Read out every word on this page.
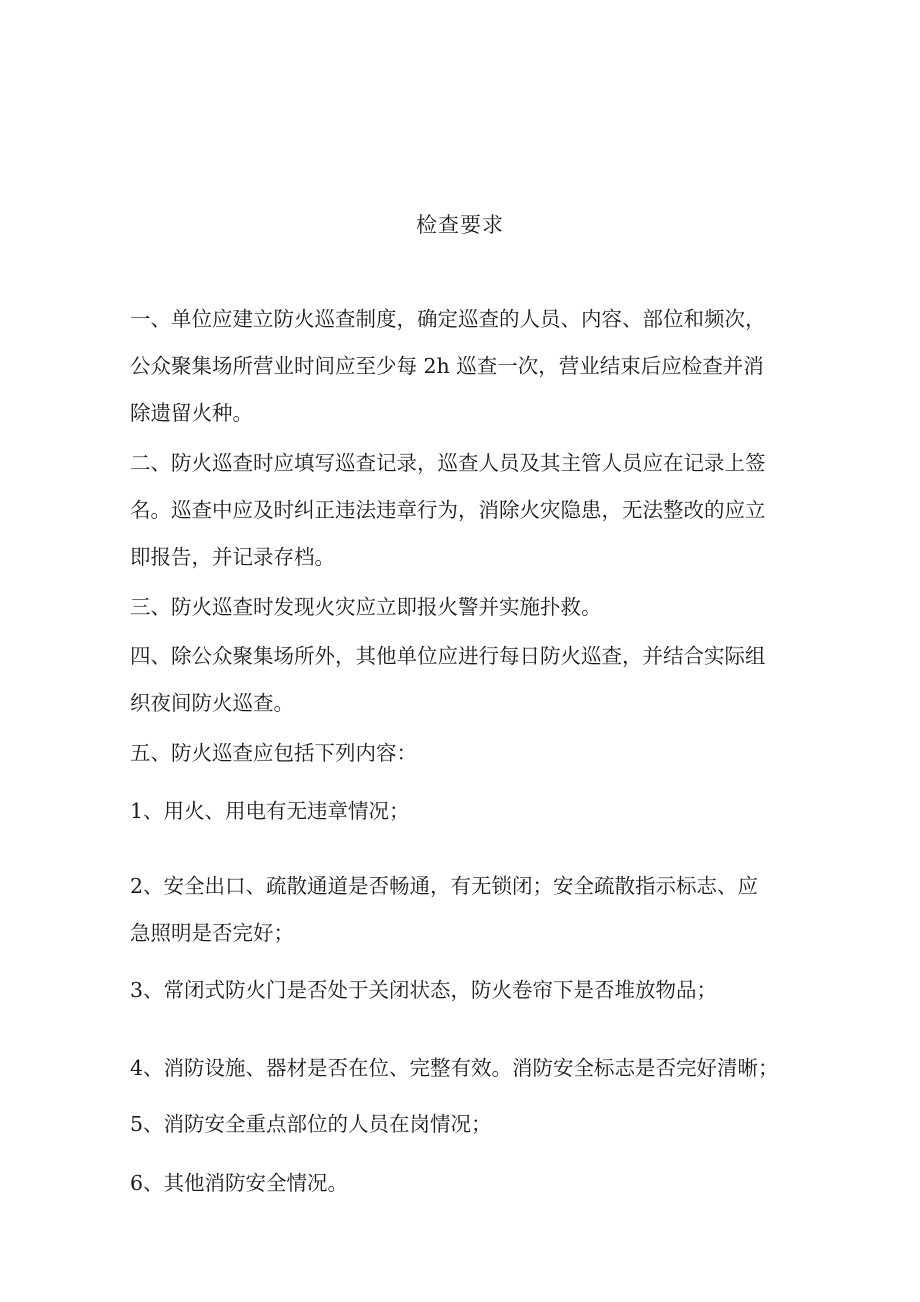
检查要求
一、单位应建立防火巡查制度，确定巡查的人员、内容、部位和频次，
公众聚集场所营业时间应至少每 2h 巡查一次，营业结束后应检查并消
除遗留火种。
二、防火巡查时应填写巡查记录，巡查人员及其主管人员应在记录上签
名。巡查中应及时纠正违法违章行为，消除火灾隐患，无法整改的应立
即报告，并记录存档。
三、防火巡查时发现火灾应立即报火警并实施扑救。
四、除公众聚集场所外，其他单位应进行每日防火巡查，并结合实际组
织夜间防火巡查。
五、防火巡查应包括下列内容：
1、用火、用电有无违章情况；
2、安全出口、疏散通道是否畅通，有无锁闭；安全疏散指示标志、应
急照明是否完好；
3、常闭式防火门是否处于关闭状态，防火卷帘下是否堆放物品；
4、消防设施、器材是否在位、完整有效。消防安全标志是否完好清晰；
5、消防安全重点部位的人员在岗情况；
6、其他消防安全情况。
